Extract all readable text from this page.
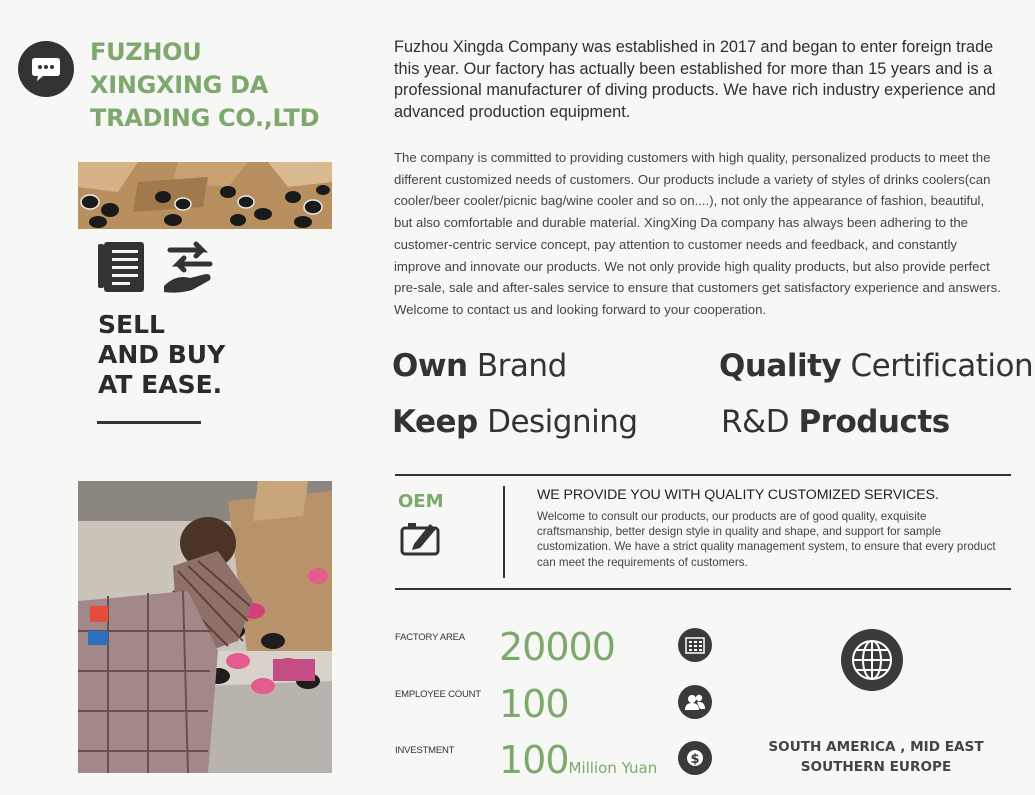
FUZHOU XINGXING DA TRADING CO.,LTD
SELL
AND BUY
AT EASE.
Fuzhou Xingda Company was established in 2017 and began to enter foreign trade this year. Our factory has actually been established for more than 15 years and is a professional manufacturer of diving products. We have rich industry experience and advanced production equipment.
The company is committed to providing customers with high quality, personalized products to meet the different customized needs of customers. Our products include a variety of styles of drinks coolers(can cooler/beer cooler/picnic bag/wine cooler and so on....), not only the appearance of fashion, beautiful, but also comfortable and durable material. XingXing Da company has always been adhering to the customer-centric service concept, pay attention to customer needs and feedback, and constantly improve and innovate our products. We not only provide high quality products, but also provide perfect pre-sale, sale and after-sales service to ensure that customers get satisfactory experience and answers. Welcome to contact us and looking forward to your cooperation.
Own Brand	Quality Certification
Keep Designing	R&D Products
OEM	WE PROVIDE YOU WITH QUALITY CUSTOMIZED SERVICES.
Welcome to consult our products, our products are of good quality, exquisite craftsmanship, better design style in quality and shape, and support for sample customization. We have a strict quality management system, to ensure that every product can meet the requirements of customers.
FACTORY AREA 20000
EMPLOYEE COUNT 100
INVESTMENT 100Million Yuan	$
SOUTH AMERICA , MID EAST
SOUTHERN EUROPE
